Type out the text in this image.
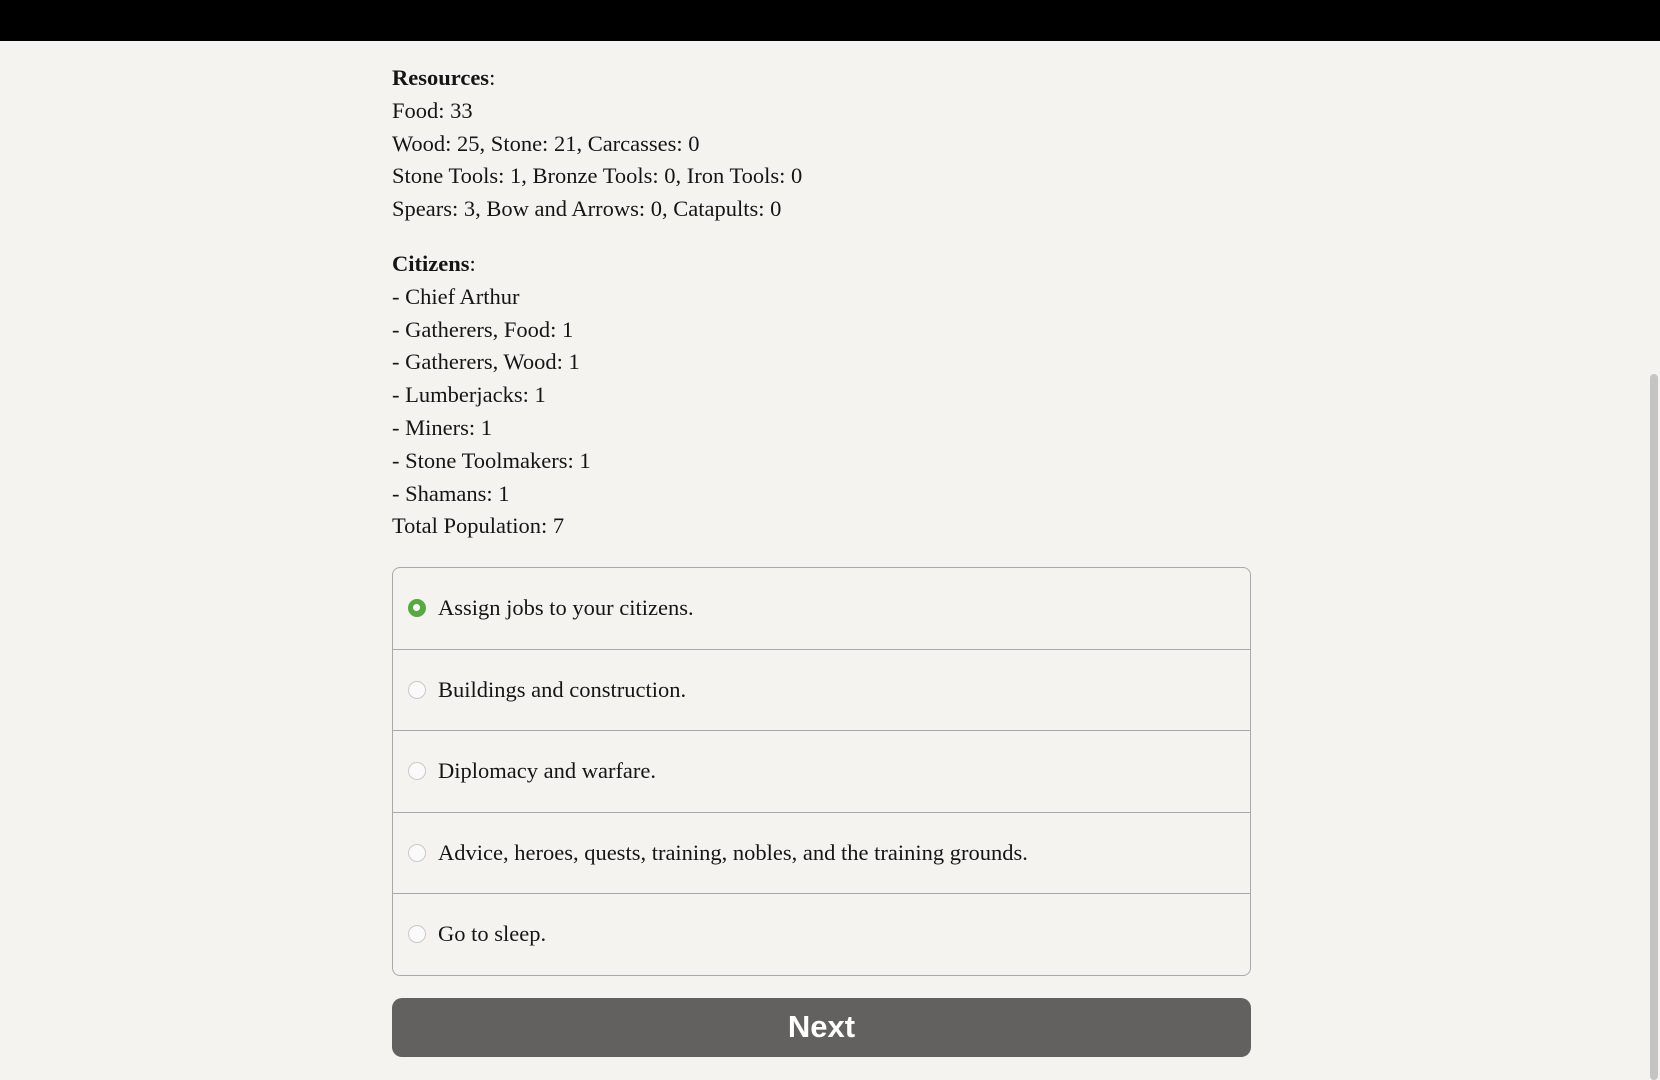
Resources:

Food: 33

Wood: 25, Stone: 21, Carcasses: 0

Stone Tools: 1, Bronze Tools: 0, Iron Tools: 0

Spears: 3, Bow and Arrows: 0, Catapults: 0

Citizens:

- Chief Arthur

- Gatherers, Food: 1

- Gatherers, Wood: 1

- Lumberjacks: 1

- Miners: 1

- Stone Toolmakers: 1

- Shamans: 1

Total Population: 7

Assign jobs to your citizens.
Buildings and construction.
Diplomacy and warfare.
Advice, heroes, quests, training, nobles, and the training grounds.
Go to sleep.
Next
